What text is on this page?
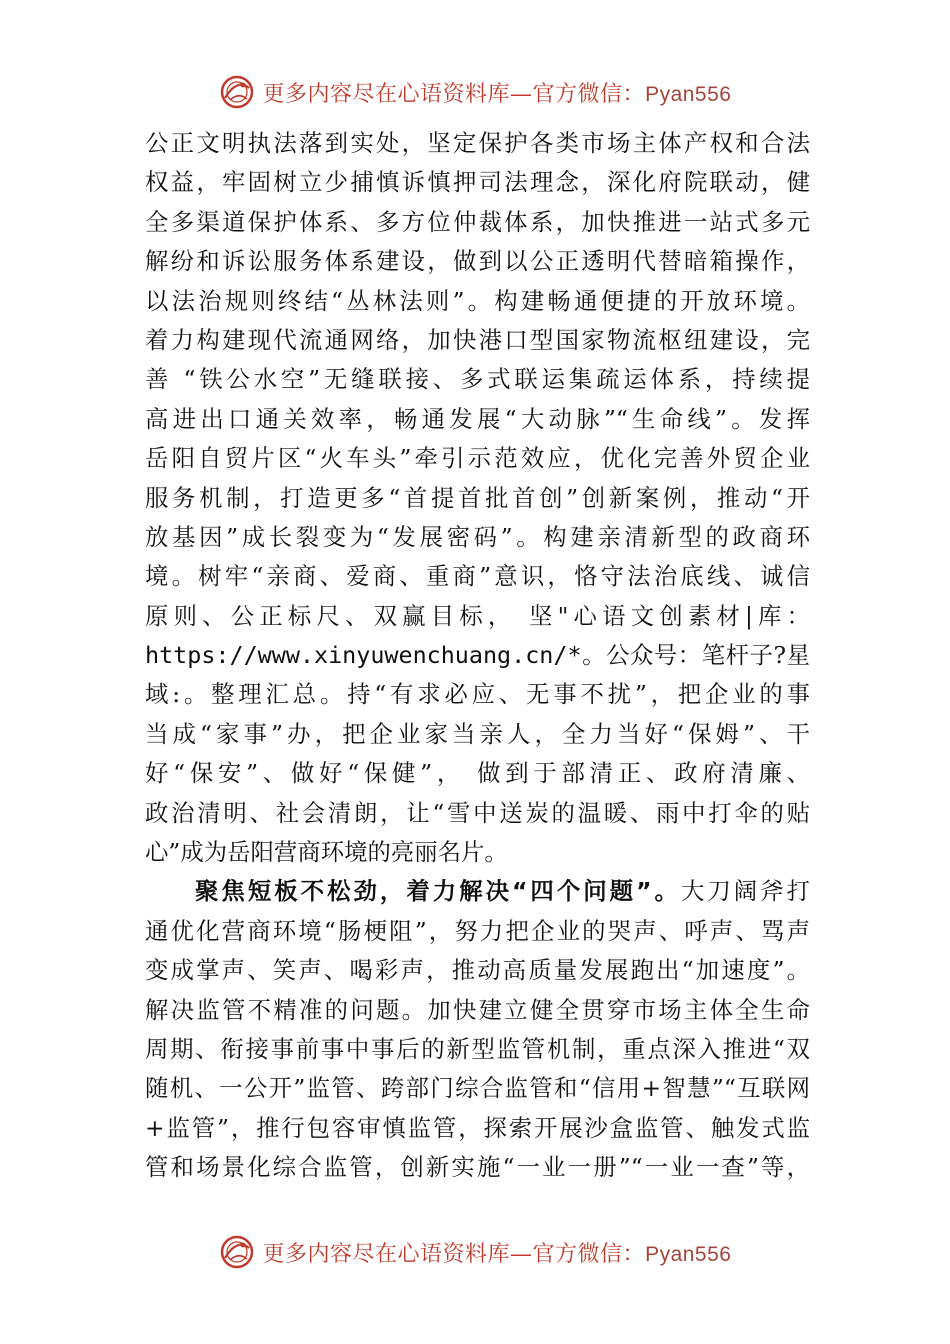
更多内容尽在心语资料库—官方微信：Pyan556
公正文明执法落到实处，坚定保护各类市场主体产权和合法
权益，牢固树立少捕慎诉慎押司法理念，深化府院联动，健
全多渠道保护体系、多方位仲裁体系，加快推进一站式多元
解纷和诉讼服务体系建设，做到以公正透明代替暗箱操作，
以法治规则终结“丛林法则”。构建畅通便捷的开放环境。
着力构建现代流通网络，加快港口型国家物流枢纽建设，完
善 “铁公水空”无缝联接、多式联运集疏运体系，持续提
高进出口通关效率，畅通发展“大动脉”“生命线”。发挥
岳阳自贸片区“火车头”牵引示范效应，优化完善外贸企业
服务机制，打造更多“首提首批首创”创新案例，推动“开
放基因”成长裂变为“发展密码”。构建亲清新型的政商环
境。树牢“亲商、爱商、重商”意识，恪守法治底线、诚信
原则、公正标尺、双赢目标， 坚"心语文创素材|库：
https://www.xinyuwenchuang.cn/*。公众号：笔杆子?星
域:。整理汇总。持“有求必应、无事不扰”，把企业的事
当成“家事”办，把企业家当亲人，全力当好“保姆”、干
好“保安”、做好“保健”， 做到于部清正、政府清廉、
政治清明、社会清朗，让“雪中送炭的温暖、雨中打伞的贴
心”成为岳阳营商环境的亮丽名片。
聚焦短板不松劲，着力解决“四个问题”。大刀阔斧打
通优化营商环境“肠梗阻”，努力把企业的哭声、呼声、骂声
变成掌声、笑声、喝彩声，推动高质量发展跑出“加速度”。
解决监管不精准的问题。加快建立健全贯穿市场主体全生命
周期、衔接事前事中事后的新型监管机制，重点深入推进“双
随机、一公开”监管、跨部门综合监管和“信用+智慧”“互联网
+监管”，推行包容审慎监管，探索开展沙盒监管、触发式监
管和场景化综合监管，创新实施“一业一册”“一业一查”等，
更多内容尽在心语资料库—官方微信：Pyan556
